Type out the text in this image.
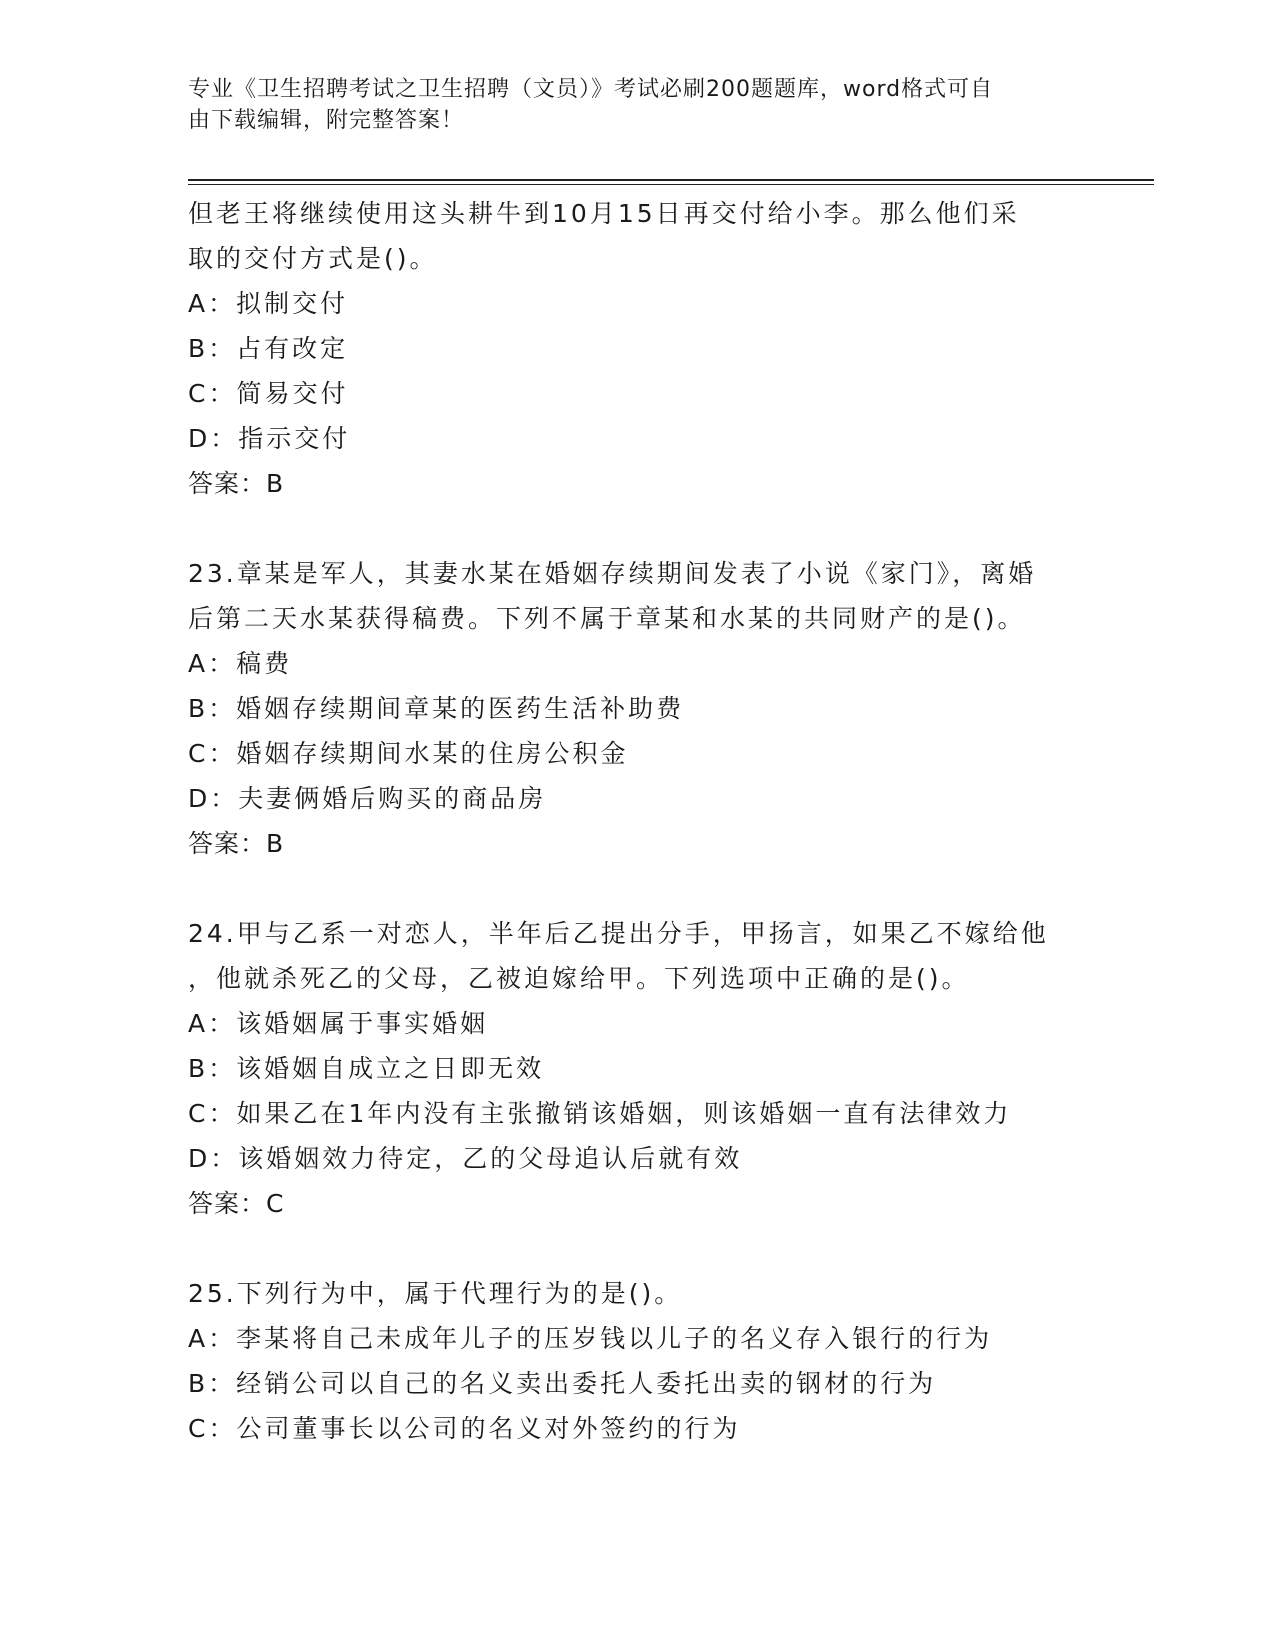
专业《卫生招聘考试之卫生招聘（文员）》考试必刷200题题库，word格式可自
由下载编辑，附完整答案！
但老王将继续使用这头耕牛到10月15日再交付给小李。那么他们采
取的交付方式是()。
A：拟制交付
B：占有改定
C：简易交付
D：指示交付
答案：B
23.章某是军人，其妻水某在婚姻存续期间发表了小说《家门》，离婚
后第二天水某获得稿费。下列不属于章某和水某的共同财产的是()。
A：稿费
B：婚姻存续期间章某的医药生活补助费
C：婚姻存续期间水某的住房公积金
D：夫妻俩婚后购买的商品房
答案：B
24.甲与乙系一对恋人，半年后乙提出分手，甲扬言，如果乙不嫁给他
，他就杀死乙的父母，乙被迫嫁给甲。下列选项中正确的是()。
A：该婚姻属于事实婚姻
B：该婚姻自成立之日即无效
C：如果乙在1年内没有主张撤销该婚姻，则该婚姻一直有法律效力
D：该婚姻效力待定，乙的父母追认后就有效
答案：C
25.下列行为中，属于代理行为的是()。
A：李某将自己未成年儿子的压岁钱以儿子的名义存入银行的行为
B：经销公司以自己的名义卖出委托人委托出卖的钢材的行为
C：公司董事长以公司的名义对外签约的行为
